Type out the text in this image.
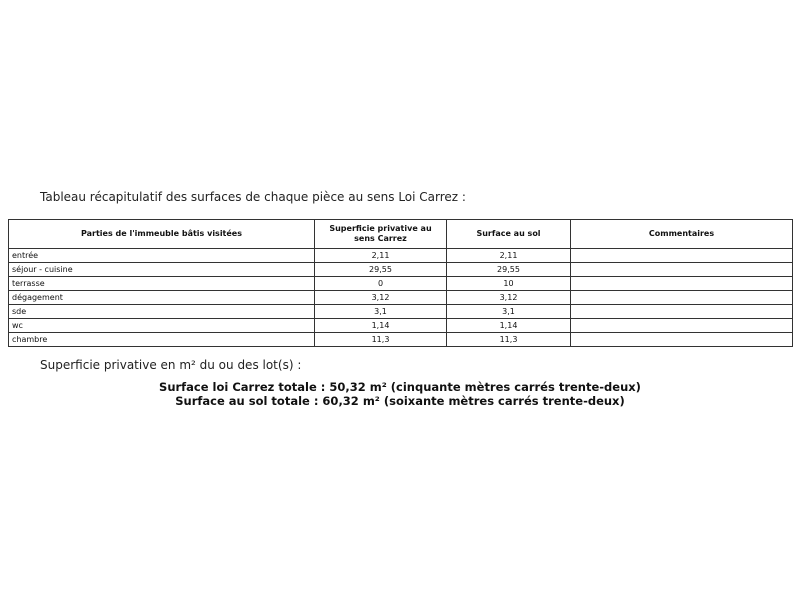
Tableau récapitulatif des surfaces de chaque pièce au sens Loi Carrez :
Parties de l'immeuble bâtis visitées	Superficie privative au sens Carrez	Surface au sol	Commentaires
entrée	2,11	2,11	
séjour - cuisine	29,55	29,55	
terrasse	0	10	
dégagement	3,12	3,12	
sde	3,1	3,1	
wc	1,14	1,14	
chambre	11,3	11,3	
Superficie privative en m² du ou des lot(s) :
Surface loi Carrez totale : 50,32 m² (cinquante mètres carrés trente-deux)
Surface au sol totale : 60,32 m² (soixante mètres carrés trente-deux)
